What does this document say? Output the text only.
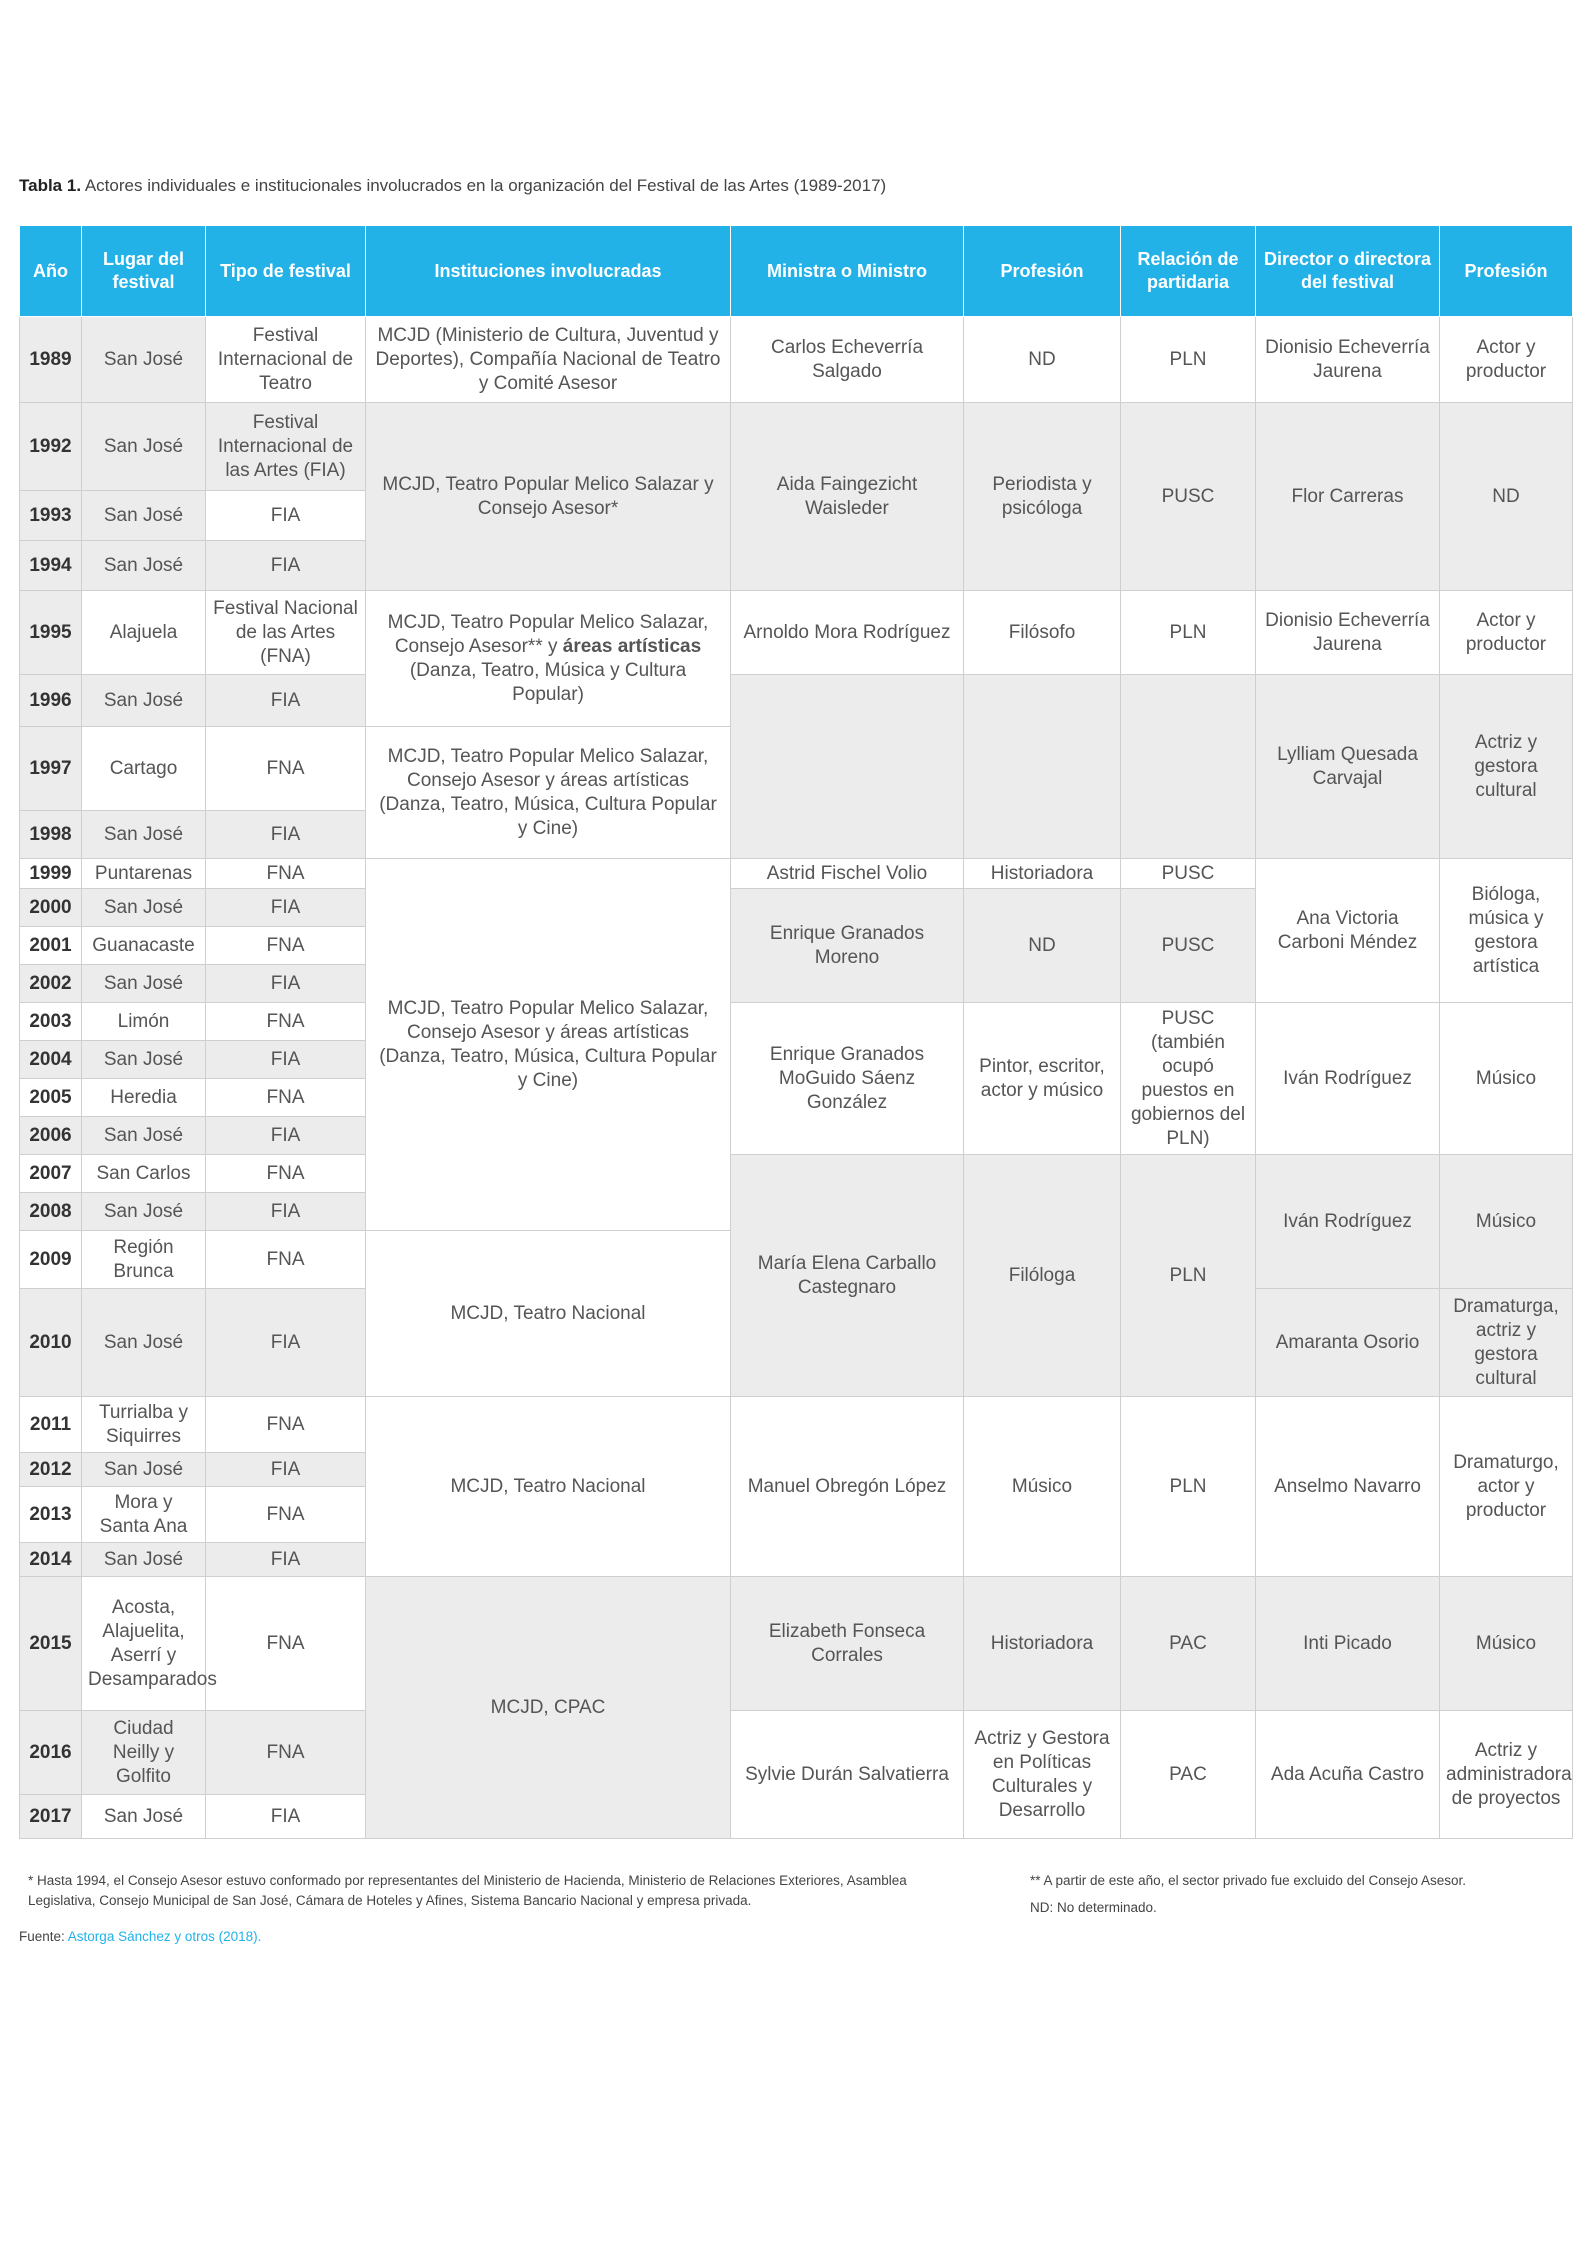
Tabla 1. Actores individuales e institucionales involucrados en la organización del Festival de las Artes (1989-2017)
Año	Lugar del festival	Tipo de festival	Instituciones involucradas	Ministra o Ministro	Profesión	Relación de partidaria	Director o directora del festival	Profesión
1989	San José	Festival Internacional de Teatro	MCJD (Ministerio de Cultura, Juventud y Deportes), Compañía Nacional de Teatro y Comité Asesor	Carlos Echeverría Salgado	ND	PLN	Dionisio Echeverría Jaurena	Actor y productor
1992	San José	Festival Internacional de las Artes (FIA)	MCJD, Teatro Popular Melico Salazar y Consejo Asesor*	Aida Faingezicht Waisleder	Periodista y psicóloga	PUSC	Flor Carreras	ND
1993	San José	FIA						
1994	San José	FIA						
1995	Alajuela	Festival Nacional de las Artes (FNA)	MCJD, Teatro Popular Melico Salazar, Consejo Asesor** y áreas artísticas (Danza, Teatro, Música y Cultura Popular)	Arnoldo Mora Rodríguez	Filósofo	PLN	Dionisio Echeverría Jaurena	Actor y productor
1996	San José	FIA					Lylliam Quesada Carvajal	Actriz y gestora cultural
1997	Cartago	FNA	MCJD, Teatro Popular Melico Salazar, Consejo Asesor y áreas artísticas (Danza, Teatro, Música, Cultura Popular y Cine)					
1998	San José	FIA						
1999	Puntarenas	FNA	MCJD, Teatro Popular Melico Salazar, Consejo Asesor y áreas artísticas (Danza, Teatro, Música, Cultura Popular y Cine)	Astrid Fischel Volio	Historiadora	PUSC	Ana Victoria Carboni Méndez	Bióloga, música y gestora artística
2000	San José	FIA		Enrique Granados Moreno	ND	PUSC		
2001	Guanacaste	FNA						
2002	San José	FIA						
2003	Limón	FNA		Enrique Granados MoGuido Sáenz González	Pintor, escritor, actor y músico	PUSC (también ocupó puestos en gobiernos del PLN)	Iván Rodríguez	Músico
2004	San José	FIA						
2005	Heredia	FNA						
2006	San José	FIA						
2007	San Carlos	FNA		María Elena Carballo Castegnaro	Filóloga	PLN	Iván Rodríguez	Músico
2008	San José	FIA						
2009	Región Brunca	FNA	MCJD, Teatro Nacional					
2010	San José	FIA					Amaranta Osorio	Dramaturga, actriz y gestora cultural
2011	Turrialba y Siquirres	FNA	MCJD, Teatro Nacional	Manuel Obregón López	Músico	PLN	Anselmo Navarro	Dramaturgo, actor y productor
2012	San José	FIA						
2013	Mora y Santa Ana	FNA						
2014	San José	FIA						
2015	Acosta, Alajuelita, Aserrí y Desamparados	FNA	MCJD, CPAC	Elizabeth Fonseca Corrales	Historiadora	PAC	Inti Picado	Músico
2016	Ciudad Neilly y Golfito	FNA		Sylvie Durán Salvatierra	Actriz y Gestora en Políticas Culturales y Desarrollo	PAC	Ada Acuña Castro	Actriz y administradora de proyectos
2017	San José	FIA						
* Hasta 1994, el Consejo Asesor estuvo conformado por representantes del Ministerio de Hacienda, Ministerio de Relaciones Exteriores, Asamblea Legislativa, Consejo Municipal de San José, Cámara de Hoteles y Afines, Sistema Bancario Nacional y empresa privada.
** A partir de este año, el sector privado fue excluido del Consejo Asesor.
ND: No determinado.
Fuente: Astorga Sánchez y otros (2018).
